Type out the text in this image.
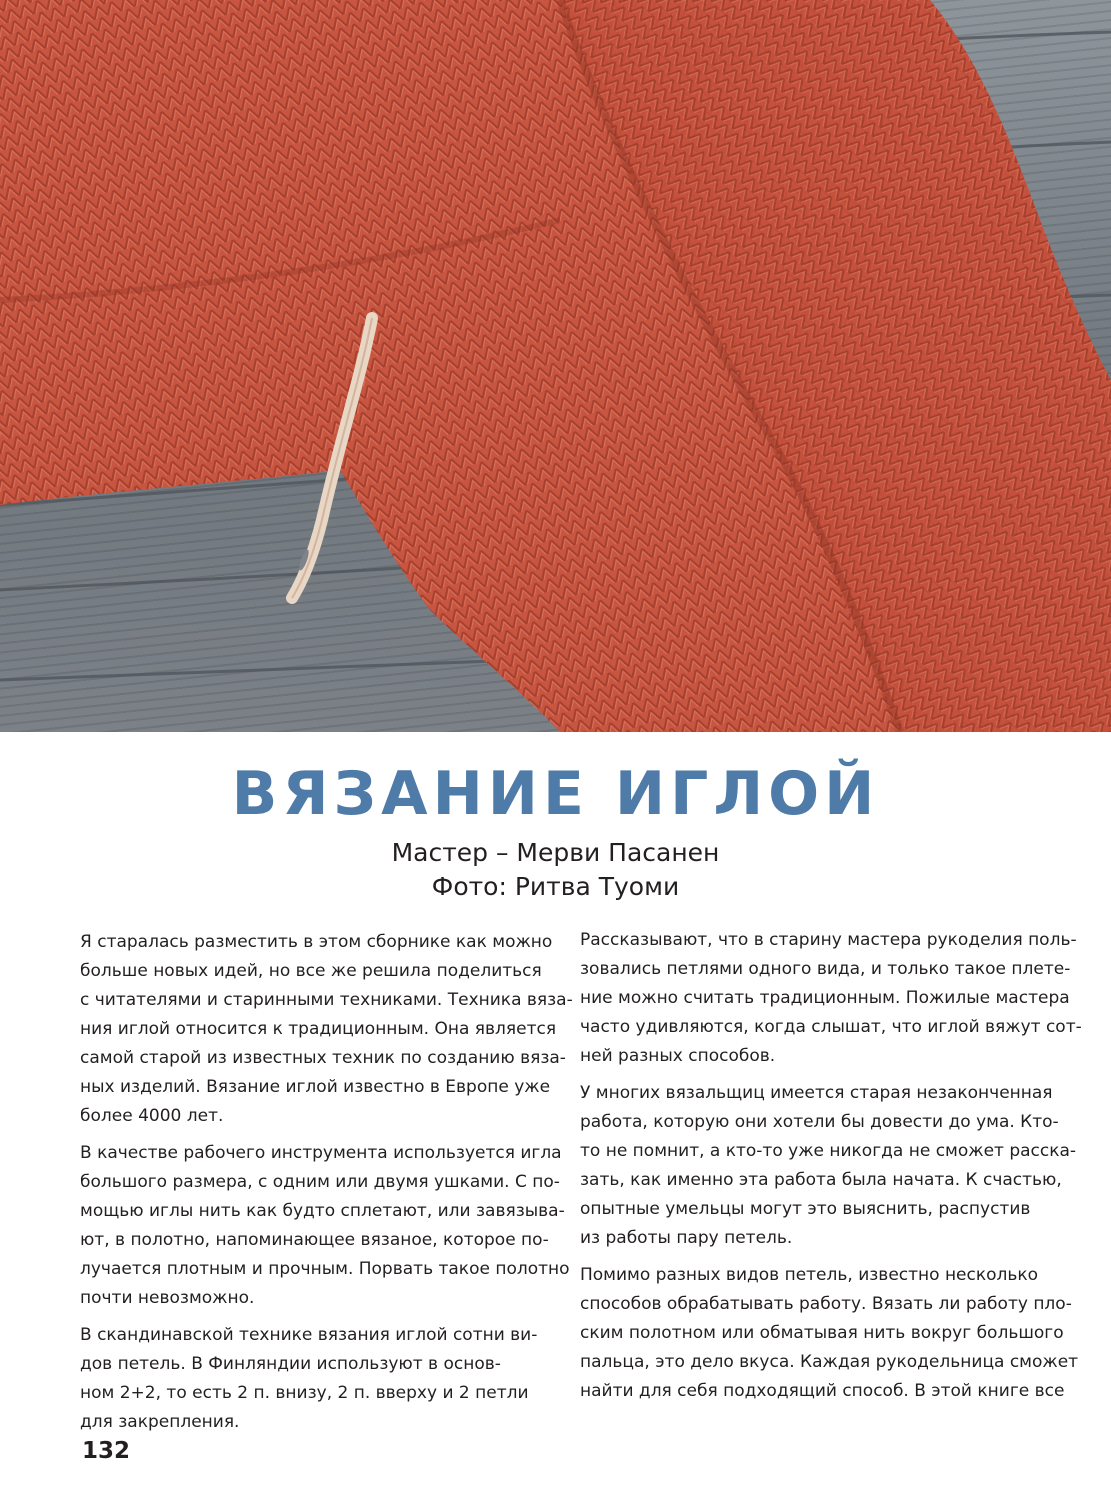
ВЯЗАНИЕ ИГЛОЙ
Мастер – Мерви Пасанен
Фото: Ритва Туоми

Я старалась разместить в этом сборнике как можно
больше новых идей, но все же решила поделиться
с читателями и старинными техниками. Техника вяза-
ния иглой относится к традиционным. Она является
самой старой из известных техник по созданию вяза-
ных изделий. Вязание иглой известно в Европе уже
более 4000 лет.

В качестве рабочего инструмента используется игла
большого размера, с одним или двумя ушками. С по-
мощью иглы нить как будто сплетают, или завязыва-
ют, в полотно, напоминающее вязаное, которое по-
лучается плотным и прочным. Порвать такое полотно
почти невозможно.

В скандинавской технике вязания иглой сотни ви-
дов петель. В Финляндии используют в основ-
ном 2+2, то есть 2 п. внизу, 2 п. вверху и 2 петли
для закрепления.

Рассказывают, что в старину мастера рукоделия поль-
зовались петлями одного вида, и только такое плете-
ние можно считать традиционным. Пожилые мастера
часто удивляются, когда слышат, что иглой вяжут сот-
ней разных способов.

У многих вязальщиц имеется старая незаконченная
работа, которую они хотели бы довести до ума. Кто-
то не помнит, а кто-то уже никогда не сможет расска-
зать, как именно эта работа была начата. К счастью,
опытные умельцы могут это выяснить, распустив
из работы пару петель.

Помимо разных видов петель, известно несколько
способов обрабатывать работу. Вязать ли работу пло-
ским полотном или обматывая нить вокруг большого
пальца, это дело вкуса. Каждая рукодельница сможет
найти для себя подходящий способ. В этой книге все

132
